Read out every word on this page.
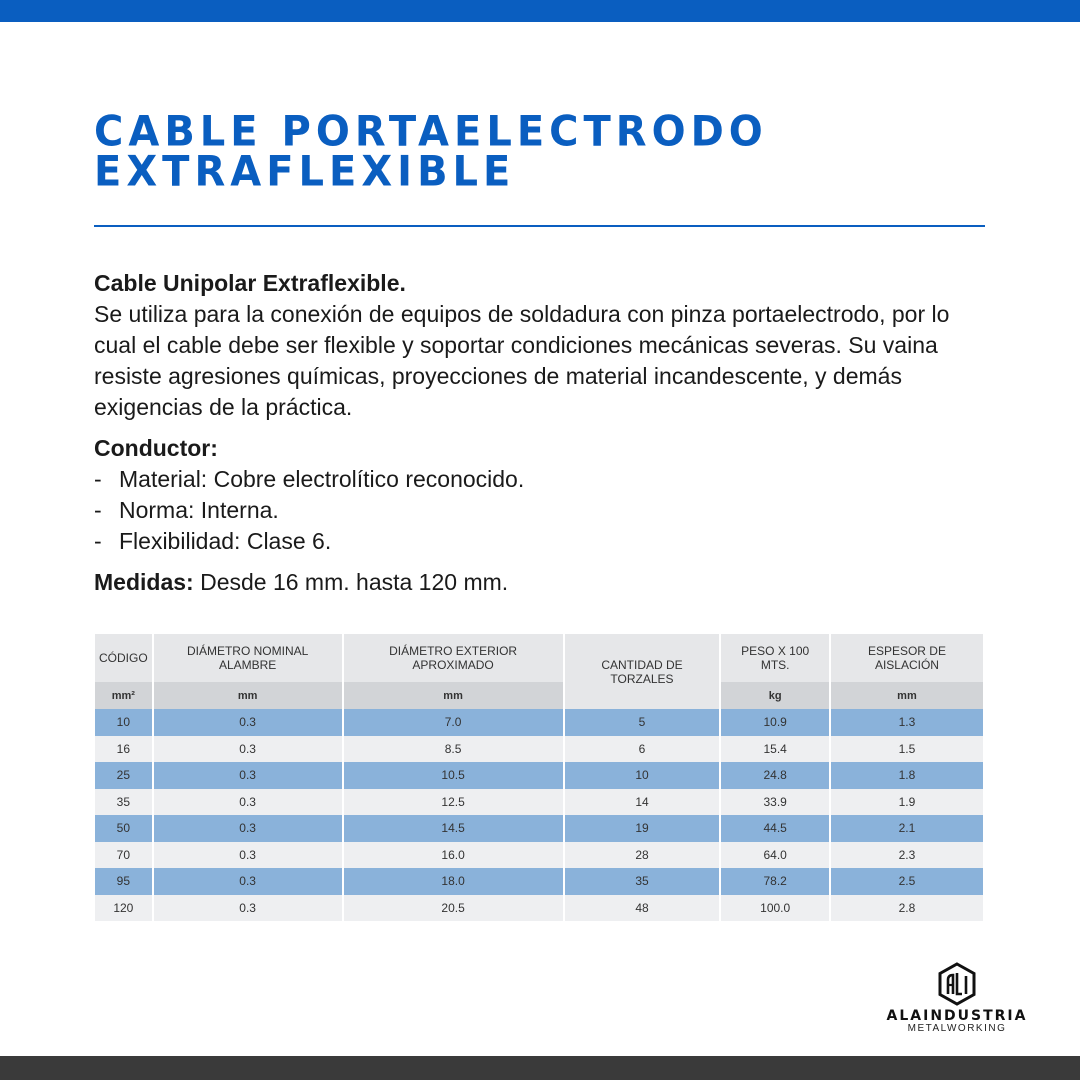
CABLE PORTAELECTRODO
EXTRAFLEXIBLE
Cable Unipolar Extraflexible.
Se utiliza para la conexión de equipos de soldadura con pinza portaelectrodo, por lo cual el cable debe ser flexible y soportar condiciones mecánicas severas. Su vaina resiste agresiones químicas, proyecciones de material incandescente, y demás exigencias de la práctica.
Conductor:
- Material: Cobre electrolítico reconocido.
- Norma: Interna.
- Flexibilidad: Clase 6.
Medidas: Desde 16 mm. hasta 120 mm.
CÓDIGO	DIÁMETRO NOMINAL ALAMBRE	DIÁMETRO EXTERIOR APROXIMADO	CANTIDAD DE TORZALES	PESO X 100 MTS.	ESPESOR DE AISLACIÓN
mm²	mm	mm		kg	mm
10	0.3	7.0	5	10.9	1.3
16	0.3	8.5	6	15.4	1.5
25	0.3	10.5	10	24.8	1.8
35	0.3	12.5	14	33.9	1.9
50	0.3	14.5	19	44.5	2.1
70	0.3	16.0	28	64.0	2.3
95	0.3	18.0	35	78.2	2.5
120	0.3	20.5	48	100.0	2.8
ALAINDUSTRIA
METALWORKING
